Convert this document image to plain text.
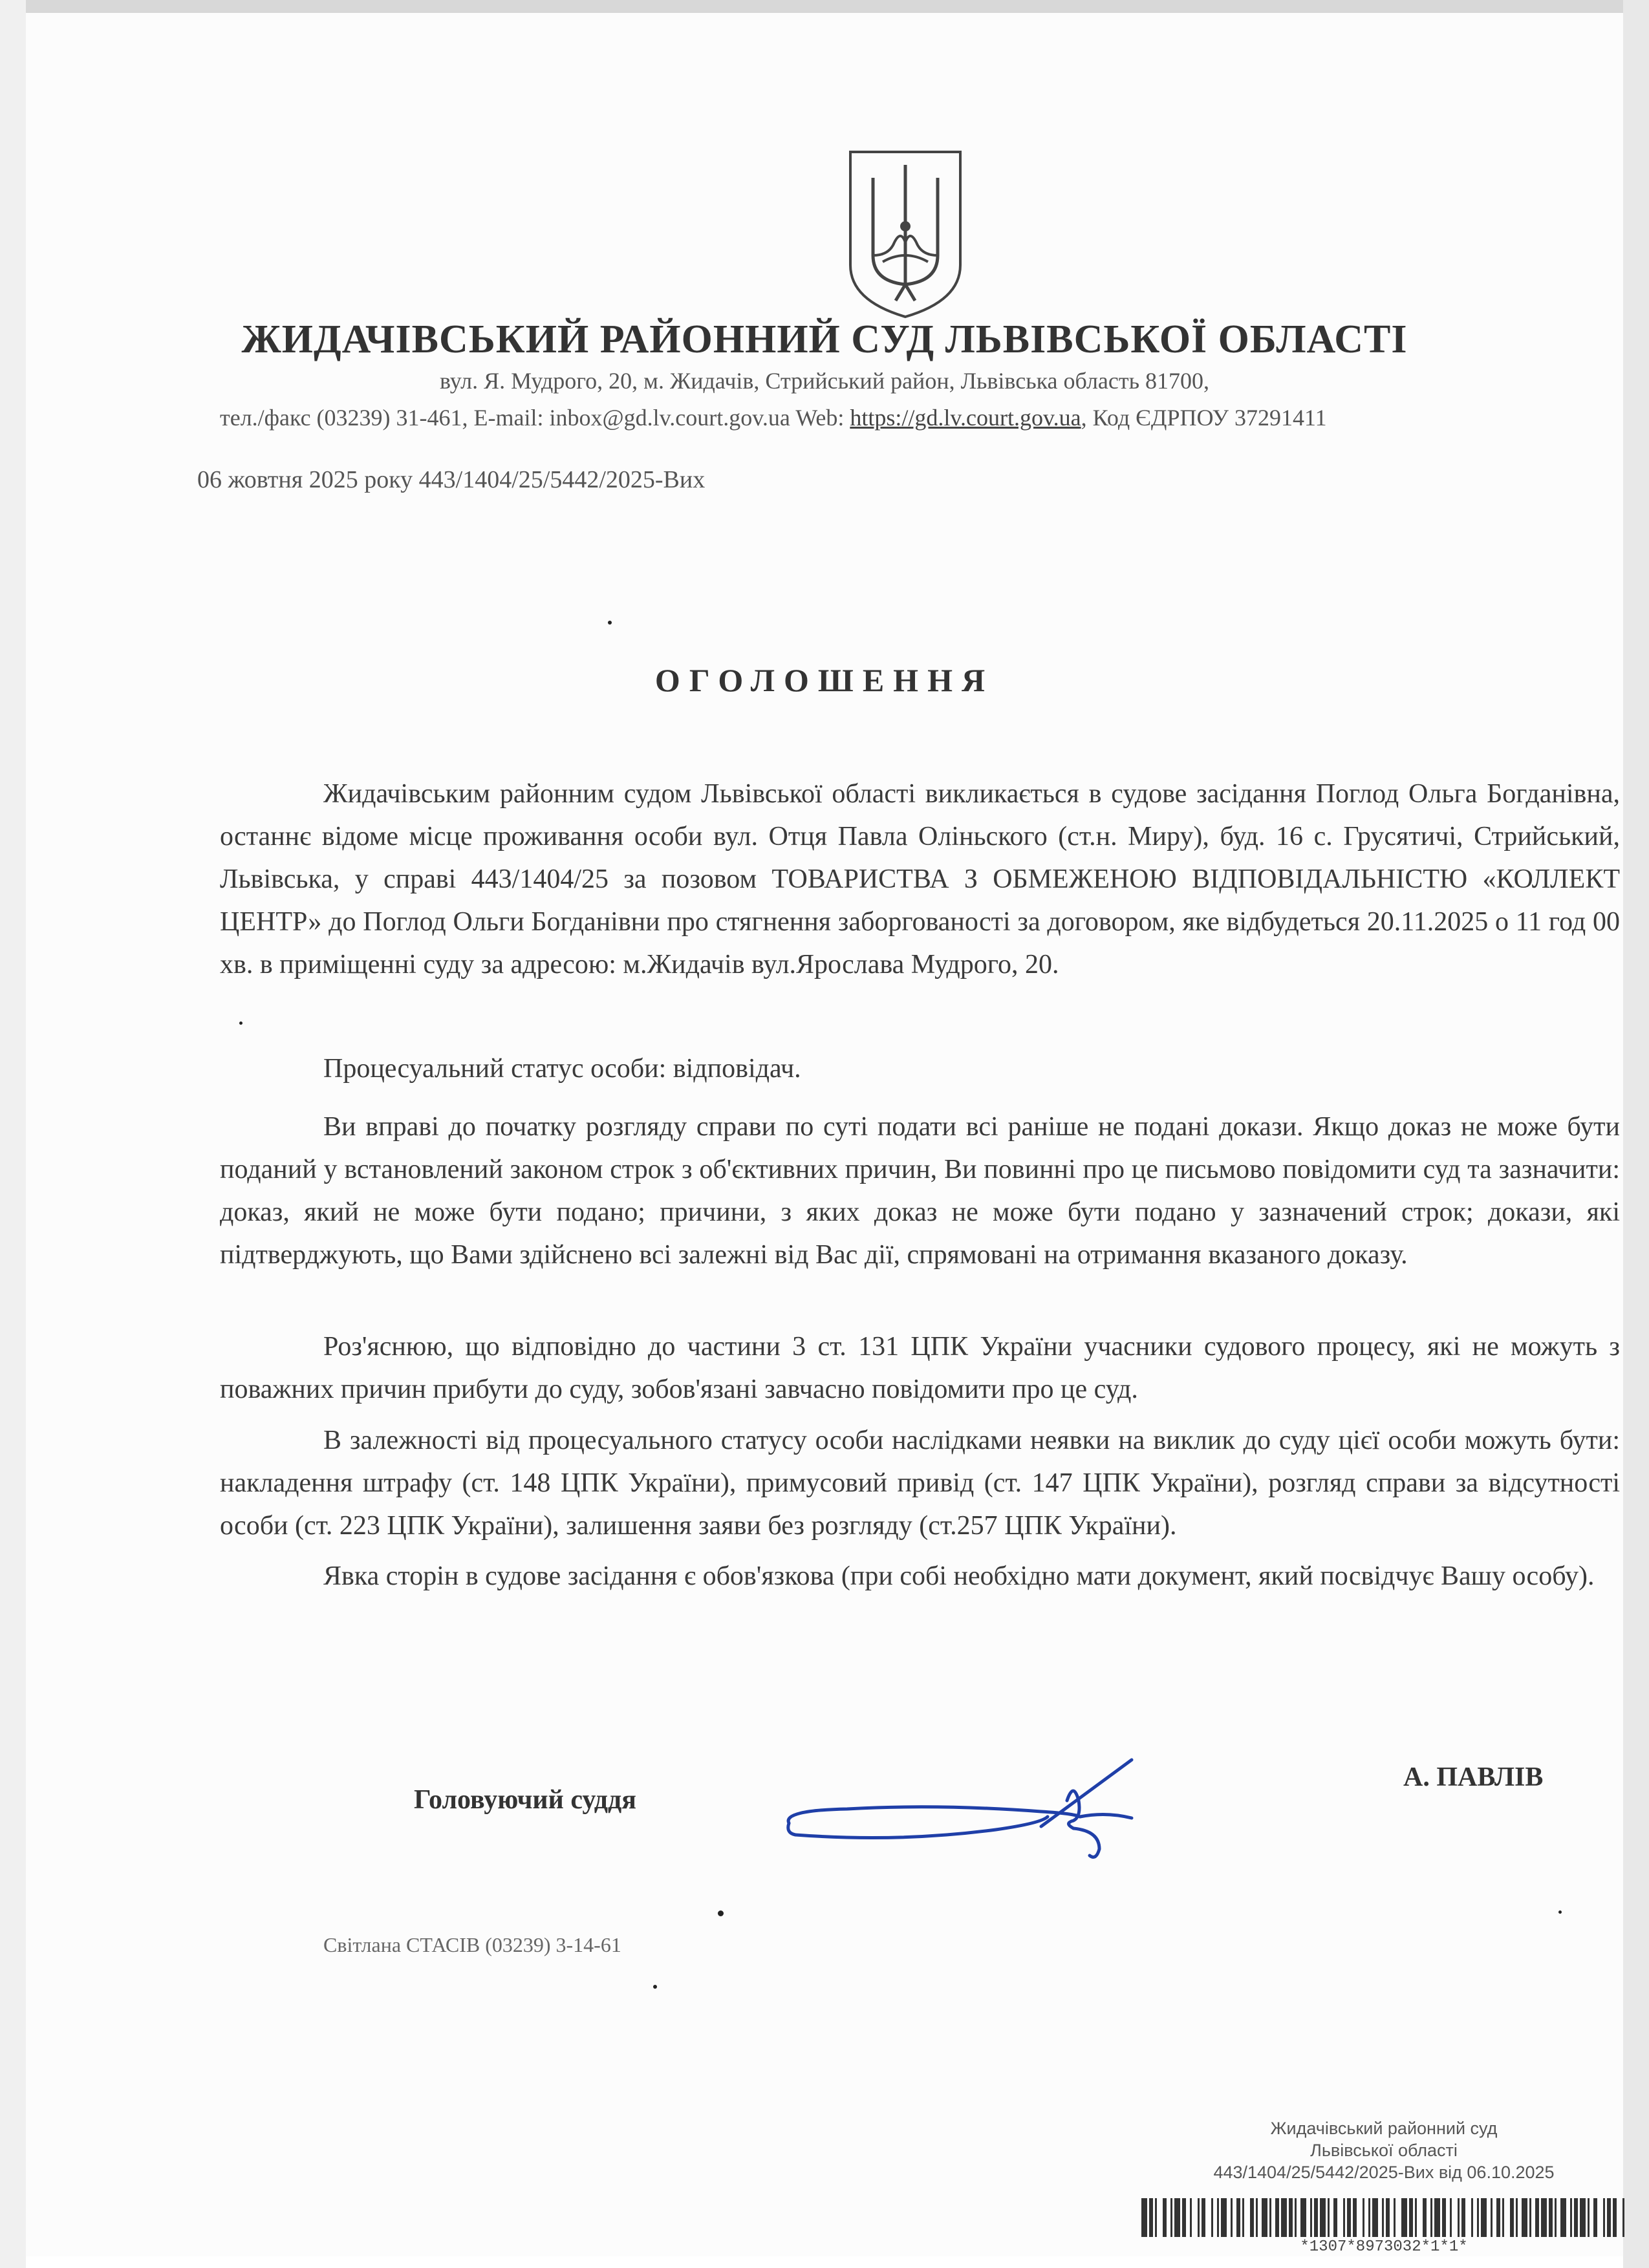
ЖИДАЧІВСЬКИЙ РАЙОННИЙ СУД ЛЬВІВСЬКОЇ ОБЛАСТІ
вул. Я. Мудрого, 20, м. Жидачів, Стрийський район, Львівська область 81700,
тел./факс (03239) 31-461, E-mail: inbox@gd.lv.court.gov.ua Web: https://gd.lv.court.gov.ua, Код ЄДРПОУ 37291411
06 жовтня 2025 року 443/1404/25/5442/2025-Вих
ОГОЛОШЕННЯ

Жидачівським районним судом Львівської області викликається в судове засідання Поглод Ольга Богданівна, останнє відоме місце проживання особи вул. Отця Павла Оліньского (ст.н. Миру), буд. 16 с. Грусятичі, Стрийський, Львівська, у справі 443/1404/25 за позовом ТОВАРИСТВА З ОБМЕЖЕНОЮ ВІДПОВІДАЛЬНІСТЮ «КОЛЛЕКТ ЦЕНТР» до Поглод Ольги Богданівни про стягнення заборгованості за договором, яке відбудеться 20.11.2025 о 11 год 00 хв. в приміщенні суду за адресою: м.Жидачів вул.Ярослава Мудрого, 20.

Процесуальний статус особи: відповідач.

Ви вправі до початку розгляду справи по суті подати всі раніше не подані докази. Якщо доказ не може бути поданий у встановлений законом строк з об'єктивних причин, Ви повинні про це письмово повідомити суд та зазначити: доказ, який не може бути подано; причини, з яких доказ не може бути подано у зазначений строк; докази, які підтверджують, що Вами здійснено всі залежні від Вас дії, спрямовані на отримання вказаного доказу.

Роз'яснюю, що відповідно до частини 3 ст. 131 ЦПК України учасники судового процесу, які не можуть з поважних причин прибути до суду, зобов'язані завчасно повідомити про це суд.

В залежності від процесуального статусу особи наслідками неявки на виклик до суду цієї особи можуть бути: накладення штрафу (ст. 148 ЦПК України), примусовий привід (ст. 147 ЦПК України), розгляд справи за відсутності особи (ст. 223 ЦПК України), залишення заяви без розгляду (ст.257 ЦПК України).

Явка сторін в судове засідання є обов'язкова (при собі необхідно мати документ, який посвідчує Вашу особу).

Головуючий суддя
А. ПАВЛІВ
Світлана СТАСІВ (03239) 3-14-61
Жидачівський районний суд
Львівської області
443/1404/25/5442/2025-Вих від 06.10.2025
*1307*8973032*1*1*
